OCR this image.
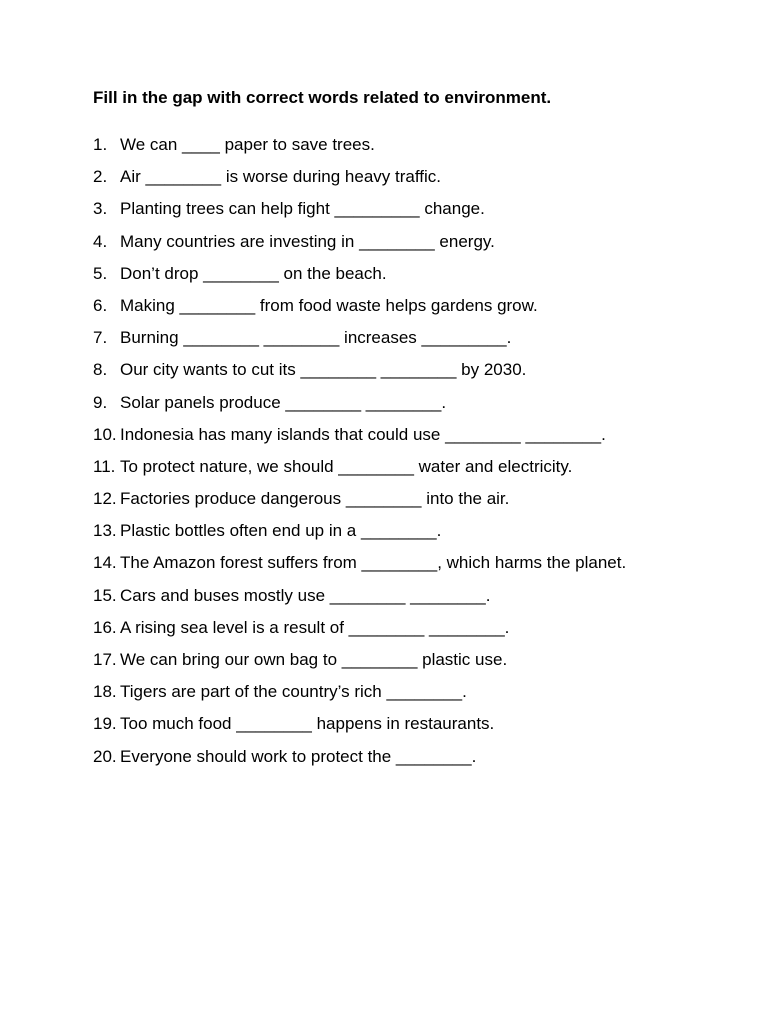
Fill in the gap with correct words related to environment.
1. We can ____ paper to save trees.
2. Air ________ is worse during heavy traffic.
3. Planting trees can help fight _________ change.
4. Many countries are investing in ________ energy.
5. Don’t drop ________ on the beach.
6. Making ________ from food waste helps gardens grow.
7. Burning ________ ________ increases _________.
8. Our city wants to cut its ________ ________ by 2030.
9. Solar panels produce ________ ________.
10. Indonesia has many islands that could use ________ ________.
11. To protect nature, we should ________ water and electricity.
12. Factories produce dangerous ________ into the air.
13. Plastic bottles often end up in a ________.
14. The Amazon forest suffers from ________, which harms the planet.
15. Cars and buses mostly use ________ ________.
16. A rising sea level is a result of ________ ________.
17. We can bring our own bag to ________ plastic use.
18. Tigers are part of the country’s rich ________.
19. Too much food ________ happens in restaurants.
20. Everyone should work to protect the ________.
